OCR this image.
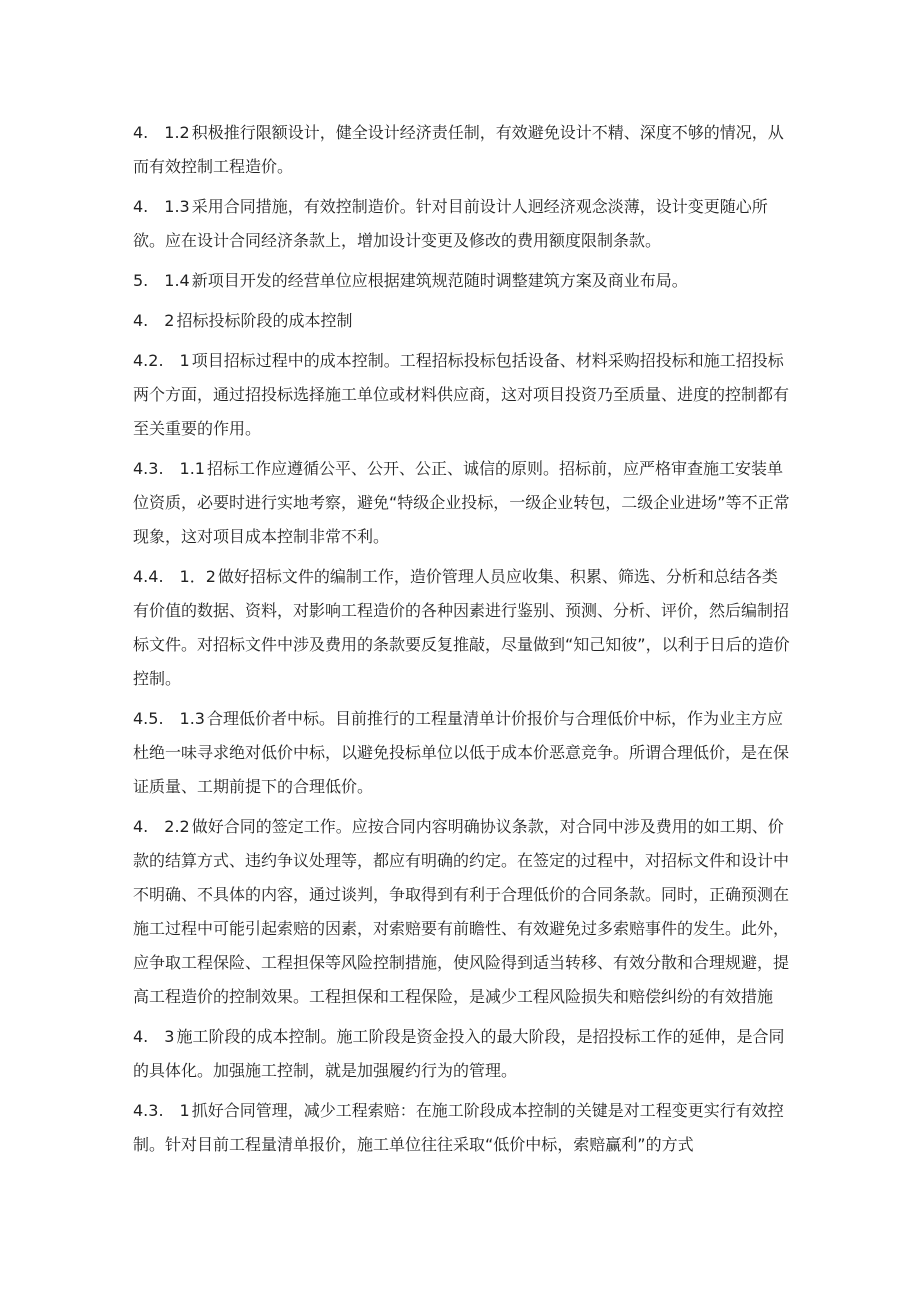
4.　1.2 积极推行限额设计，健全设计经济责任制，有效避免设计不精、深度不够的情况，从而有效控制工程造价。

4.　1.3 采用合同措施，有效控制造价。针对目前设计人迥经济观念淡薄，设计变更随心所欲。应在设计合同经济条款上，增加设计变更及修改的费用额度限制条款。

5.　1.4 新项目开发的经营单位应根据建筑规范随时调整建筑方案及商业布局。

4.　2 招标投标阶段的成本控制

4.2.　1 项目招标过程中的成本控制。工程招标投标包括设备、材料采购招投标和施工招投标两个方面，通过招投标选择施工单位或材料供应商，这对项目投资乃至质量、进度的控制都有至关重要的作用。

4.3.　1.1 招标工作应遵循公平、公开、公正、诚信的原则。招标前，应严格审查施工安装单位资质，必要时进行实地考察，避免“特级企业投标，一级企业转包，二级企业进场”等不正常现象，这对项目成本控制非常不利。

4.4.　1．2 做好招标文件的编制工作，造价管理人员应收集、积累、筛选、分析和总结各类有价值的数据、资料，对影响工程造价的各种因素进行鉴别、预测、分析、评价，然后编制招标文件。对招标文件中涉及费用的条款要反复推敲，尽量做到“知己知彼”，以利于日后的造价控制。

4.5.　1.3 合理低价者中标。目前推行的工程量清单计价报价与合理低价中标，作为业主方应杜绝一味寻求绝对低价中标，以避免投标单位以低于成本价恶意竞争。所谓合理低价，是在保证质量、工期前提下的合理低价。

4.　2.2 做好合同的签定工作。应按合同内容明确协议条款，对合同中涉及费用的如工期、价款的结算方式、违约争议处理等，都应有明确的约定。在签定的过程中，对招标文件和设计中不明确、不具体的内容，通过谈判，争取得到有利于合理低价的合同条款。同时，正确预测在施工过程中可能引起索赔的因素，对索赔要有前瞻性、有效避免过多索赔事件的发生。此外，应争取工程保险、工程担保等风险控制措施，使风险得到适当转移、有效分散和合理规避，提高工程造价的控制效果。工程担保和工程保险，是减少工程风险损失和赔偿纠纷的有效措施

4.　3 施工阶段的成本控制。施工阶段是资金投入的最大阶段，是招投标工作的延伸，是合同的具体化。加强施工控制，就是加强履约行为的管理。

4.3.　1 抓好合同管理，减少工程索赔：在施工阶段成本控制的关键是对工程变更实行有效控制。针对目前工程量清单报价，施工单位往往采取“低价中标，索赔赢利”的方式
